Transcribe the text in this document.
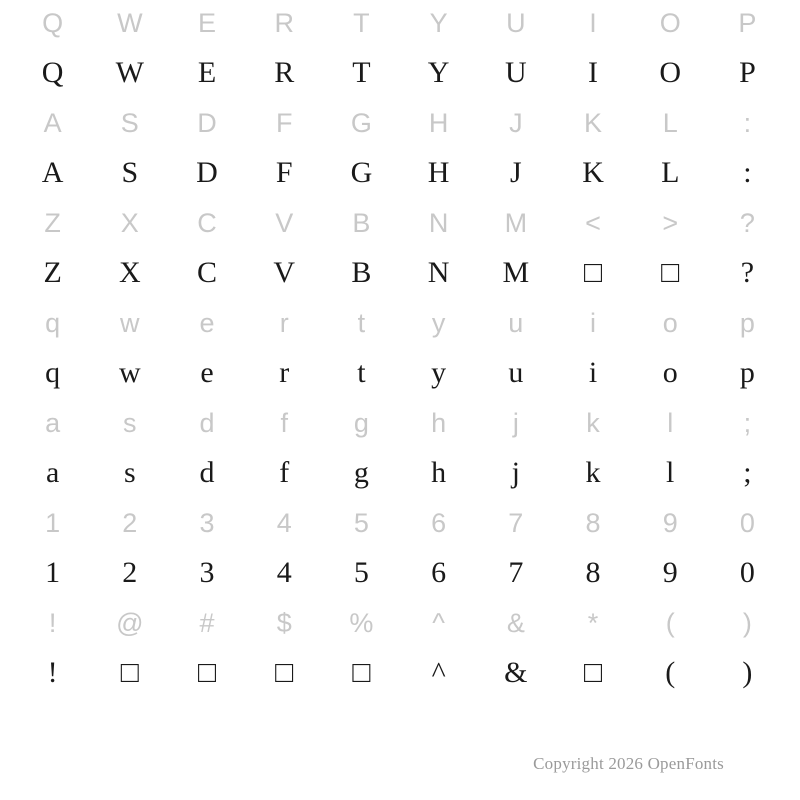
Q	W	E	R	T	Y	U	I	O	P
Q	W	E	R	T	Y	U	I	O	P
A	S	D	F	G	H	J	K	L	:
A	S	D	F	G	H	J	K	L	:
Z	X	C	V	B	N	M	<	>	?
Z	X	C	V	B	N	M	□	□	?
q	w	e	r	t	y	u	i	o	p
q	w	e	r	t	y	u	i	o	p
a	s	d	f	g	h	j	k	l	;
a	s	d	f	g	h	j	k	l	;
1	2	3	4	5	6	7	8	9	0
1	2	3	4	5	6	7	8	9	0
!	@	#	$	%	^	&	*	(	)
!	□	□	□	□	^	&	□	(	)
Copyright 2026 OpenFonts
